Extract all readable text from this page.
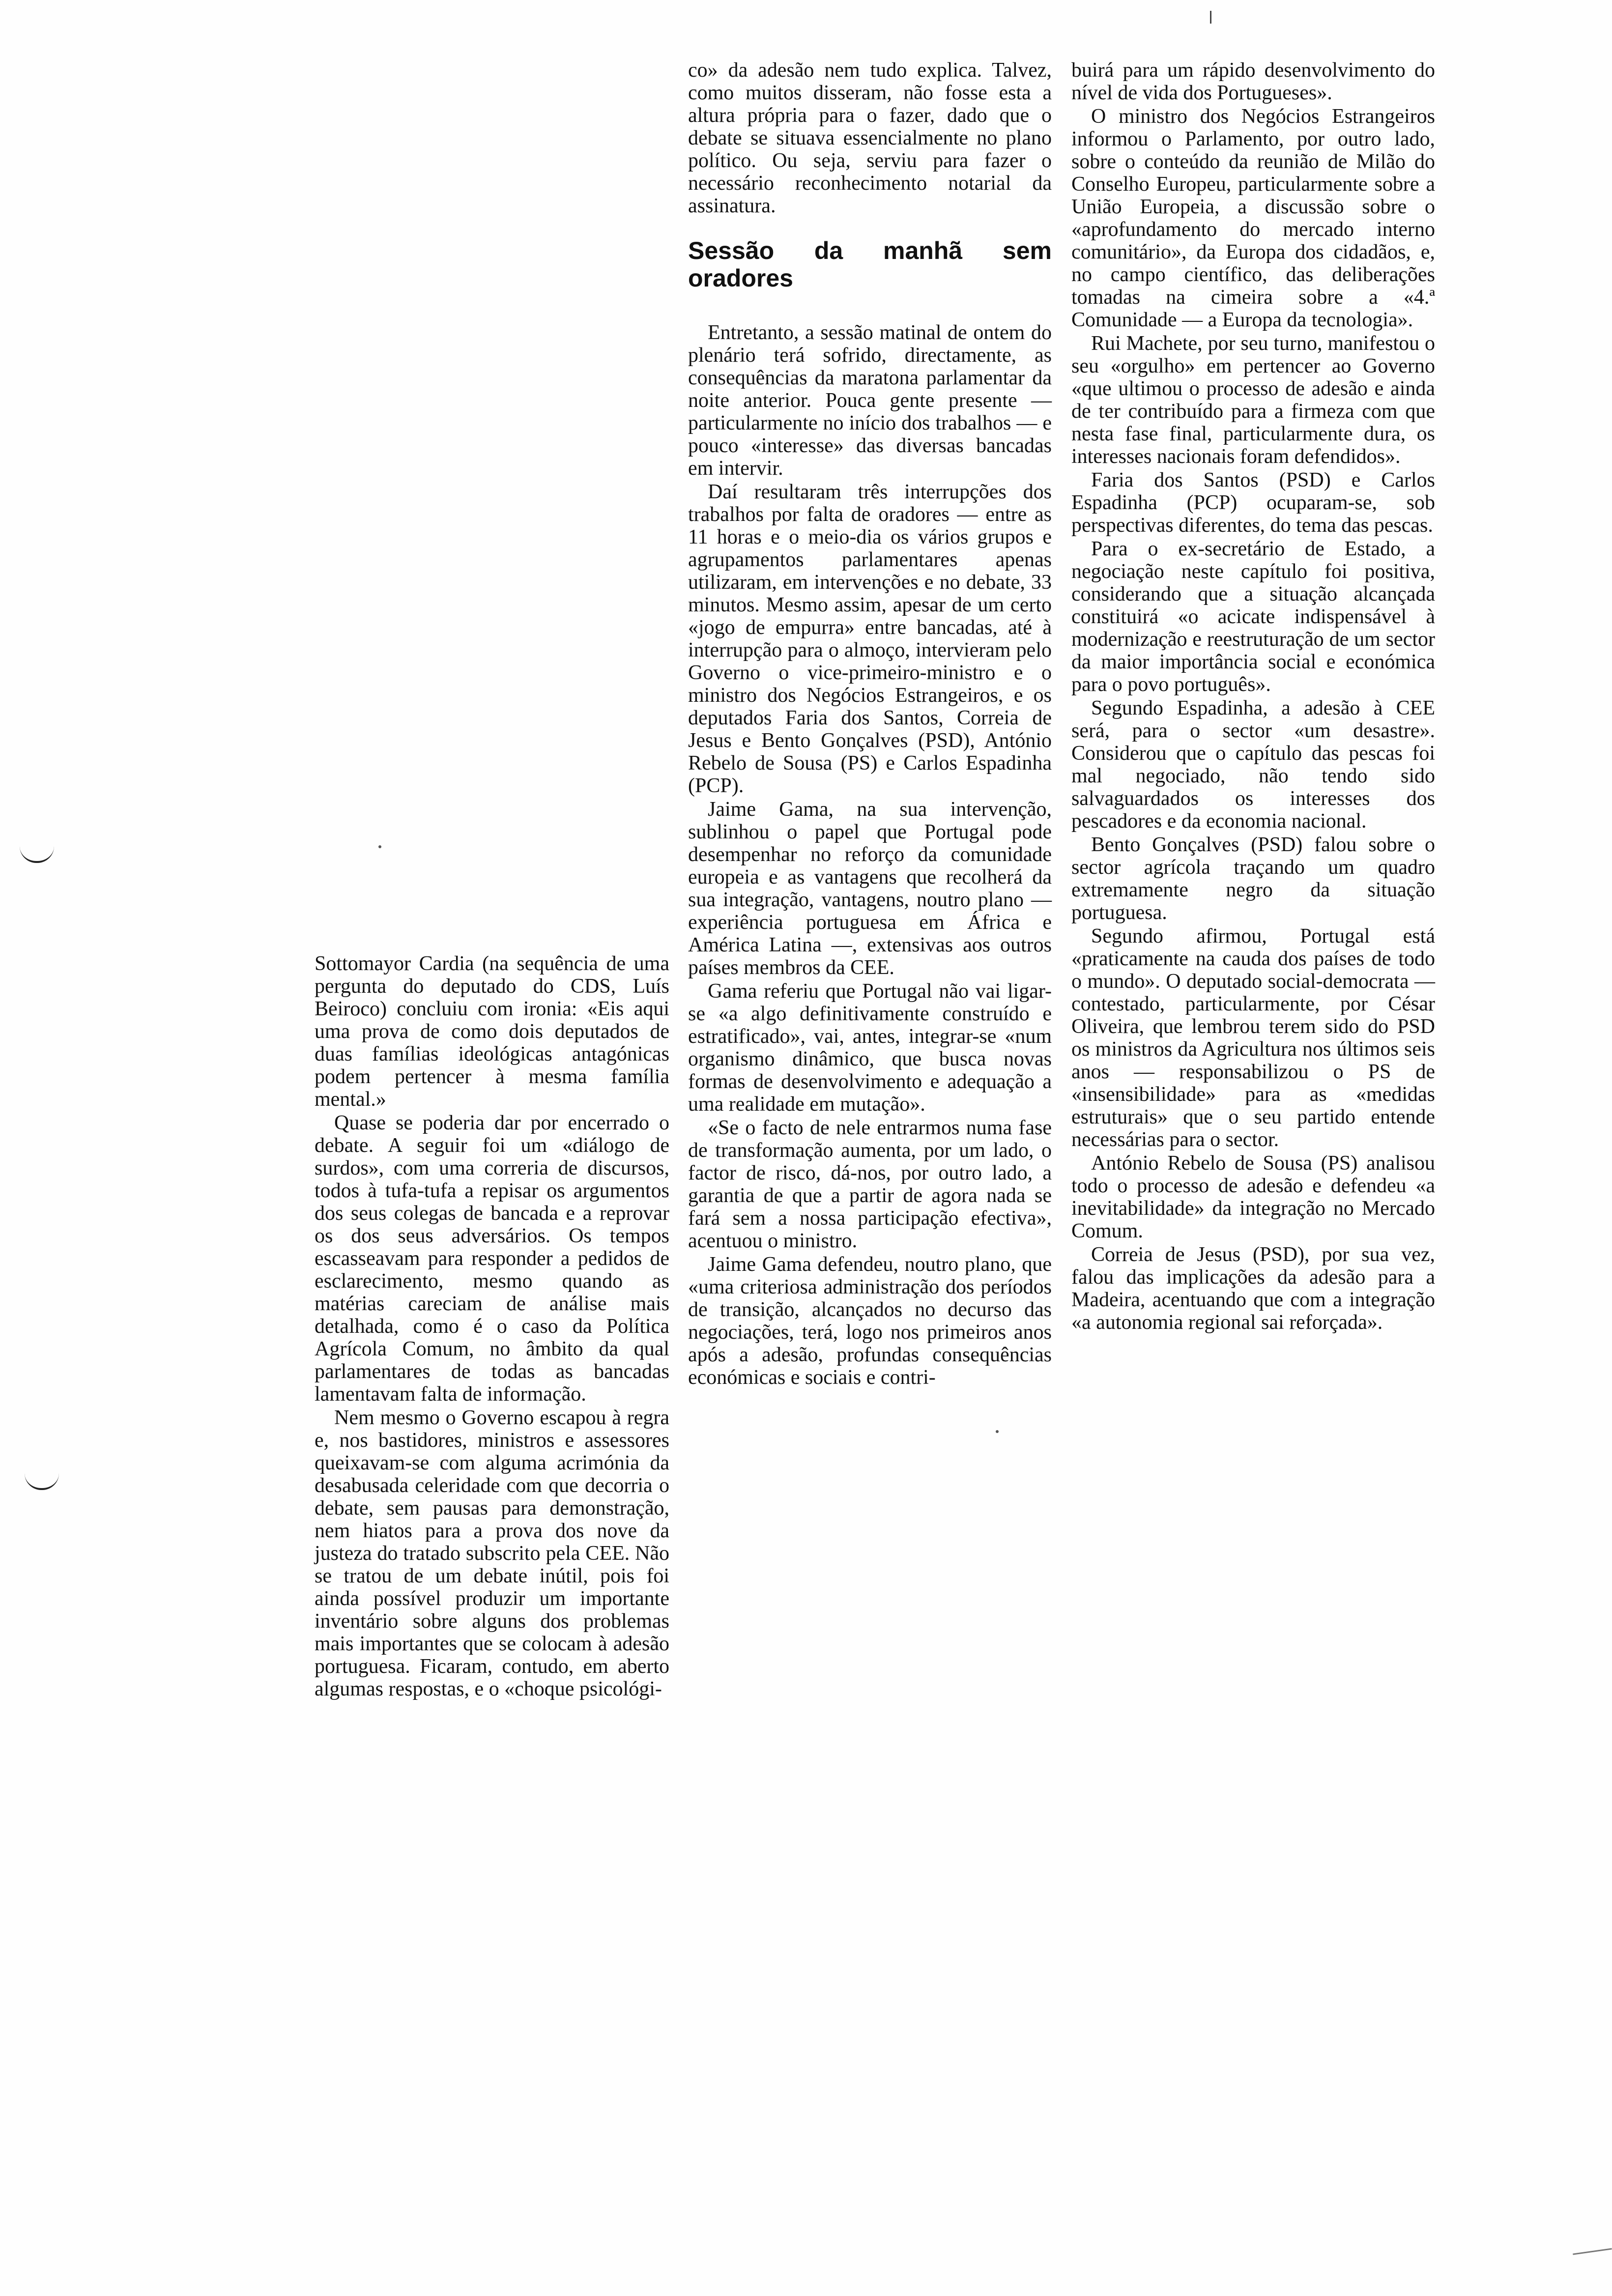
Sottomayor Cardia (na sequência de uma pergunta do deputado do CDS, Luís Beiroco) concluiu com ironia: «Eis aqui uma prova de como dois deputados de duas famílias ideológicas antagónicas podem pertencer à mesma família mental.»

Quase se poderia dar por encerrado o debate. A seguir foi um «diálogo de surdos», com uma correria de discursos, todos à tufa-tufa a repisar os argumentos dos seus colegas de bancada e a reprovar os dos seus adversários. Os tempos escasseavam para responder a pedidos de esclarecimento, mesmo quando as matérias careciam de análise mais detalhada, como é o caso da Política Agrícola Comum, no âmbito da qual parlamentares de todas as bancadas lamentavam falta de informação.

Nem mesmo o Governo escapou à regra e, nos bastidores, ministros e assessores queixavam-se com alguma acrimónia da desabusada celeridade com que decorria o debate, sem pausas para demonstração, nem hiatos para a prova dos nove da justeza do tratado subscrito pela CEE. Não se tratou de um debate inútil, pois foi ainda possível produzir um importante inventário sobre alguns dos problemas mais importantes que se colocam à adesão portuguesa. Ficaram, contudo, em aberto algumas respostas, e o «choque psicológi-

co» da adesão nem tudo explica. Talvez, como muitos disseram, não fosse esta a altura própria para o fazer, dado que o debate se situava essencialmente no plano político. Ou seja, serviu para fazer o necessário reconhecimento notarial da assinatura.

Sessão da manhã sem oradores

Entretanto, a sessão matinal de ontem do plenário terá sofrido, directamente, as consequências da maratona parlamentar da noite anterior. Pouca gente presente — particularmente no início dos trabalhos — e pouco «interesse» das diversas bancadas em intervir.

Daí resultaram três interrupções dos trabalhos por falta de oradores — entre as 11 horas e o meio-dia os vários grupos e agrupamentos parlamentares apenas utilizaram, em intervenções e no debate, 33 minutos. Mesmo assim, apesar de um certo «jogo de empurra» entre bancadas, até à interrupção para o almoço, intervieram pelo Governo o vice-primeiro-ministro e o ministro dos Negócios Estrangeiros, e os deputados Faria dos Santos, Correia de Jesus e Bento Gonçalves (PSD), António Rebelo de Sousa (PS) e Carlos Espadinha (PCP).

Jaime Gama, na sua intervenção, sublinhou o papel que Portugal pode desempenhar no reforço da comunidade europeia e as vantagens que recolherá da sua integração, vantagens, noutro plano — experiência portuguesa em África e América Latina —, extensivas aos outros países membros da CEE.

Gama referiu que Portugal não vai ligar-se «a algo definitivamente construído e estratificado», vai, antes, integrar-se «num organismo dinâmico, que busca novas formas de desenvolvimento e adequação a uma realidade em mutação».

«Se o facto de nele entrarmos numa fase de transformação aumenta, por um lado, o factor de risco, dá-nos, por outro lado, a garantia de que a partir de agora nada se fará sem a nossa participação efectiva», acentuou o ministro.

Jaime Gama defendeu, noutro plano, que «uma criteriosa administração dos períodos de transição, alcançados no decurso das negociações, terá, logo nos primeiros anos após a adesão, profundas consequências económicas e sociais e contri-

buirá para um rápido desenvolvimento do nível de vida dos Portugueses».

O ministro dos Negócios Estrangeiros informou o Parlamento, por outro lado, sobre o conteúdo da reunião de Milão do Conselho Europeu, particularmente sobre a União Europeia, a discussão sobre o «aprofundamento do mercado interno comunitário», da Europa dos cidadãos, e, no campo científico, das deliberações tomadas na cimeira sobre a «4.ª Comunidade — a Europa da tecnologia».

Rui Machete, por seu turno, manifestou o seu «orgulho» em pertencer ao Governo «que ultimou o processo de adesão e ainda de ter contribuído para a firmeza com que nesta fase final, particularmente dura, os interesses nacionais foram defendidos».

Faria dos Santos (PSD) e Carlos Espadinha (PCP) ocuparam-se, sob perspectivas diferentes, do tema das pescas.

Para o ex-secretário de Estado, a negociação neste capítulo foi positiva, considerando que a situação alcançada constituirá «o acicate indispensável à modernização e reestruturação de um sector da maior importância social e económica para o povo português».

Segundo Espadinha, a adesão à CEE será, para o sector «um desastre». Considerou que o capítulo das pescas foi mal negociado, não tendo sido salvaguardados os interesses dos pescadores e da economia nacional.

Bento Gonçalves (PSD) falou sobre o sector agrícola traçando um quadro extremamente negro da situação portuguesa.

Segundo afirmou, Portugal está «praticamente na cauda dos países de todo o mundo». O deputado social-democrata — contestado, particularmente, por César Oliveira, que lembrou terem sido do PSD os ministros da Agricultura nos últimos seis anos — responsabilizou o PS de «insensibilidade» para as «medidas estruturais» que o seu partido entende necessárias para o sector.

António Rebelo de Sousa (PS) analisou todo o processo de adesão e defendeu «a inevitabilidade» da integração no Mercado Comum.

Correia de Jesus (PSD), por sua vez, falou das implicações da adesão para a Madeira, acentuando que com a integração «a autonomia regional sai reforçada».
